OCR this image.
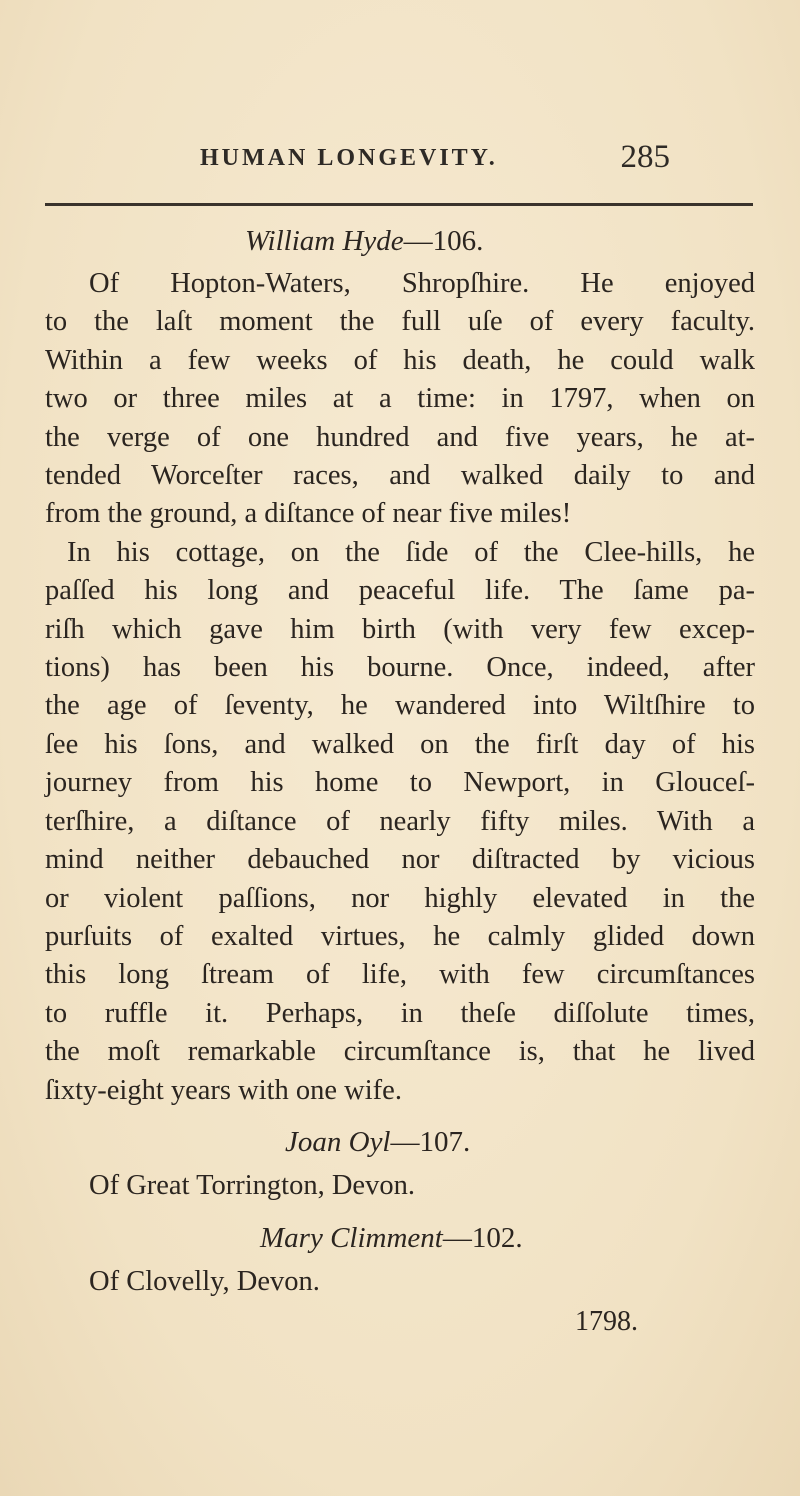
HUMAN LONGEVITY.	285

William Hyde—106.

Of Hopton-Waters, Shropſhire. He enjoyed
to the laſt moment the full uſe of every faculty.
Within a few weeks of his death, he could walk
two or three miles at a time: in 1797, when on
the verge of one hundred and five years, he at-
tended Worceſter races, and walked daily to and
from the ground, a diſtance of near five miles!

In his cottage, on the ſide of the Clee-hills, he
paſſed his long and peaceful life. The ſame pa-
riſh which gave him birth (with very few excep-
tions) has been his bourne. Once, indeed, after
the age of ſeventy, he wandered into Wiltſhire to
ſee his ſons, and walked on the firſt day of his
journey from his home to Newport, in Glouceſ-
terſhire, a diſtance of nearly fifty miles. With a
mind neither debauched nor diſtracted by vicious
or violent paſſions, nor highly elevated in the
purſuits of exalted virtues, he calmly glided down
this long ſtream of life, with few circumſtances
to ruffle it. Perhaps, in theſe diſſolute times,
the moſt remarkable circumſtance is, that he lived
ſixty-eight years with one wife.

Joan Oyl—107.

Of Great Torrington, Devon.

Mary Climment—102.

Of Clovelly, Devon.

1798.
